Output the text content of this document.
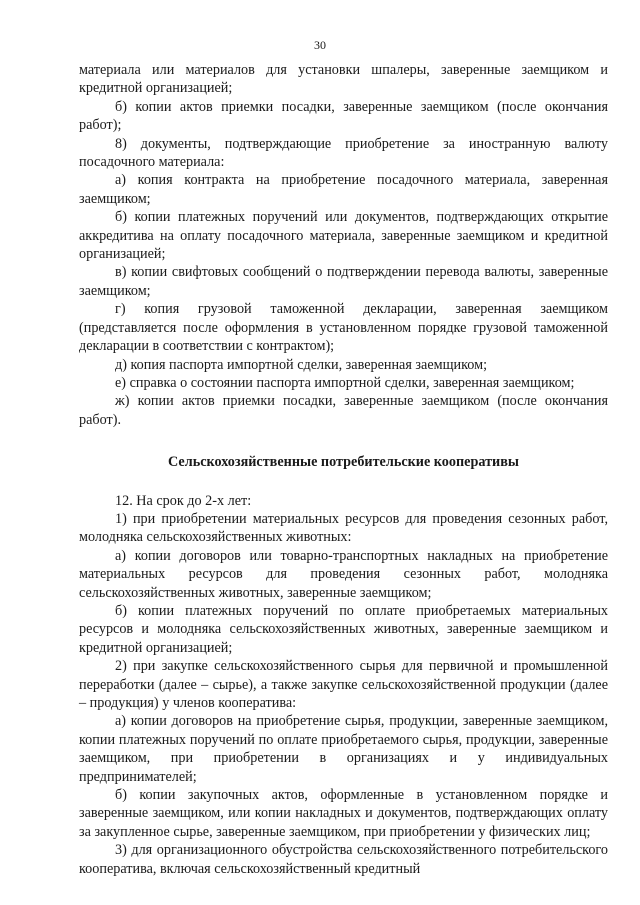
30

материала или материалов для установки шпалеры, заверенные заемщиком и кредитной организацией;

б) копии актов приемки посадки, заверенные заемщиком (после окончания работ);

8) документы, подтверждающие приобретение за иностранную валюту посадочного материала:

а) копия контракта на приобретение посадочного материала, заверенная заемщиком;

б) копии платежных поручений или документов, подтверждающих открытие аккредитива на оплату посадочного материала, заверенные заемщиком и кредитной организацией;

в) копии свифтовых сообщений о подтверждении перевода валюты, заверенные заемщиком;

г) копия грузовой таможенной декларации, заверенная заемщиком (представляется после оформления в установленном порядке грузовой таможенной декларации в соответствии с контрактом);

д) копия паспорта импортной сделки, заверенная заемщиком;

е) справка о состоянии паспорта импортной сделки, заверенная заемщиком;

ж) копии актов приемки посадки, заверенные заемщиком (после окончания работ).

Сельскохозяйственные потребительские кооперативы

12. На срок до 2-х лет:

1) при приобретении материальных ресурсов для проведения сезонных работ, молодняка сельскохозяйственных животных:

а) копии договоров или товарно-транспортных накладных на приобретение материальных ресурсов для проведения сезонных работ, молодняка сельскохозяйственных животных, заверенные заемщиком;

б) копии платежных поручений по оплате приобретаемых материальных ресурсов и молодняка сельскохозяйственных животных, заверенные заемщиком и кредитной организацией;

2) при закупке сельскохозяйственного сырья для первичной и промышленной переработки (далее – сырье), а также закупке сельскохозяйственной продукции (далее – продукция) у членов кооператива:

а) копии договоров на приобретение сырья, продукции, заверенные заемщиком, копии платежных поручений по оплате приобретаемого сырья, продукции, заверенные заемщиком, при приобретении в организациях и у индивидуальных предпринимателей;

б) копии закупочных актов, оформленные в установленном порядке и заверенные заемщиком, или копии накладных и документов, подтверждающих оплату за закупленное сырье, заверенные заемщиком, при приобретении у физических лиц;

3) для организационного обустройства сельскохозяйственного потребительского кооператива, включая сельскохозяйственный кредитный
